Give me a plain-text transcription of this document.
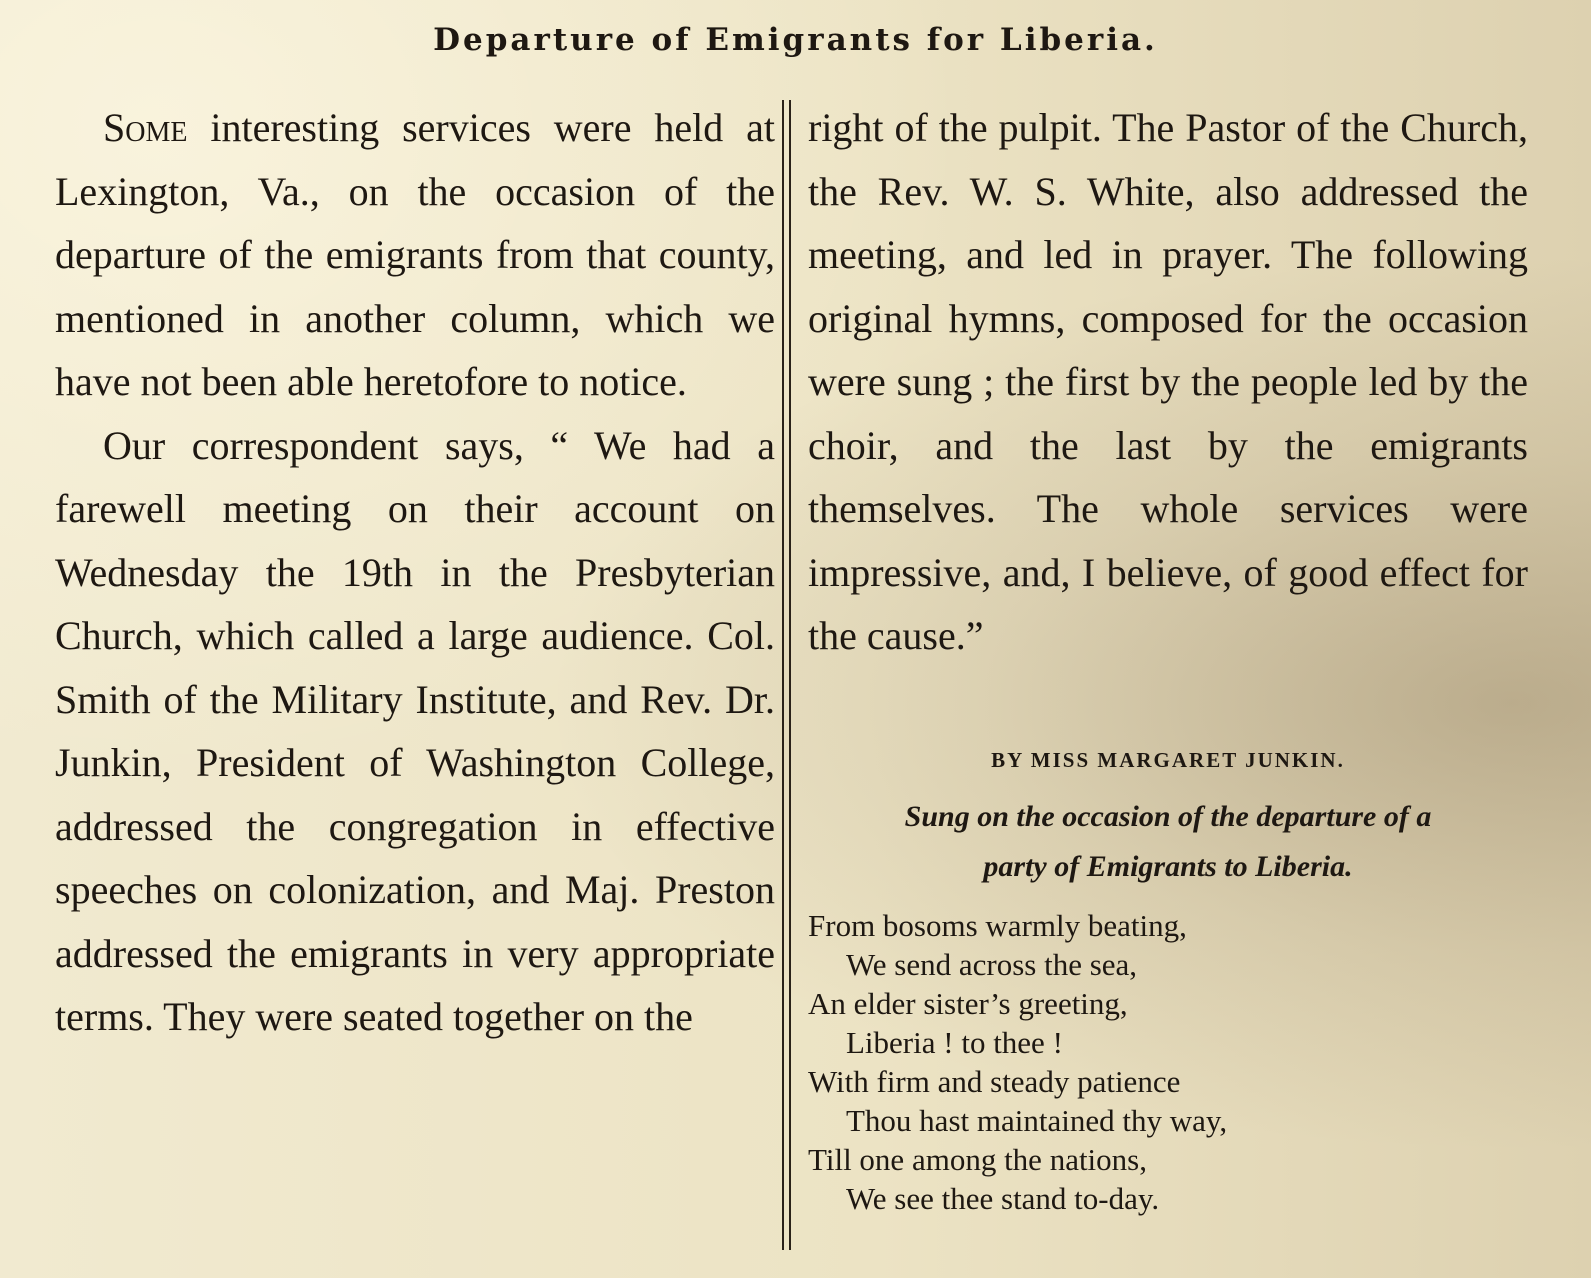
Departure of Emigrants for Liberia.

Some interesting services were held at Lexington, Va., on the occasion of the departure of the emigrants from that county, mentioned in another column, which we have not been able heretofore to notice.

Our correspondent says, “ We had a farewell meeting on their account on Wednesday the 19th in the Presbyterian Church, which called a large audience. Col. Smith of the Military Institute, and Rev. Dr. Junkin, President of Washington College, addressed the congregation in effective speeches on colonization, and Maj. Preston addressed the emigrants in very appropriate terms. They were seated together on the

right of the pulpit. The Pastor of the Church, the Rev. W. S. White, also addressed the meeting, and led in prayer. The following original hymns, composed for the occasion were sung ; the first by the people led by the choir, and the last by the emigrants themselves. The whole services were impressive, and, I believe, of good effect for the cause.”

BY MISS MARGARET JUNKIN.
Sung on the occasion of the departure of a
party of Emigrants to Liberia.
From bosoms warmly beating,
We send across the sea,
An elder sister’s greeting,
Liberia ! to thee !
With firm and steady patience
Thou hast maintained thy way,
Till one among the nations,
We see thee stand to-day.
